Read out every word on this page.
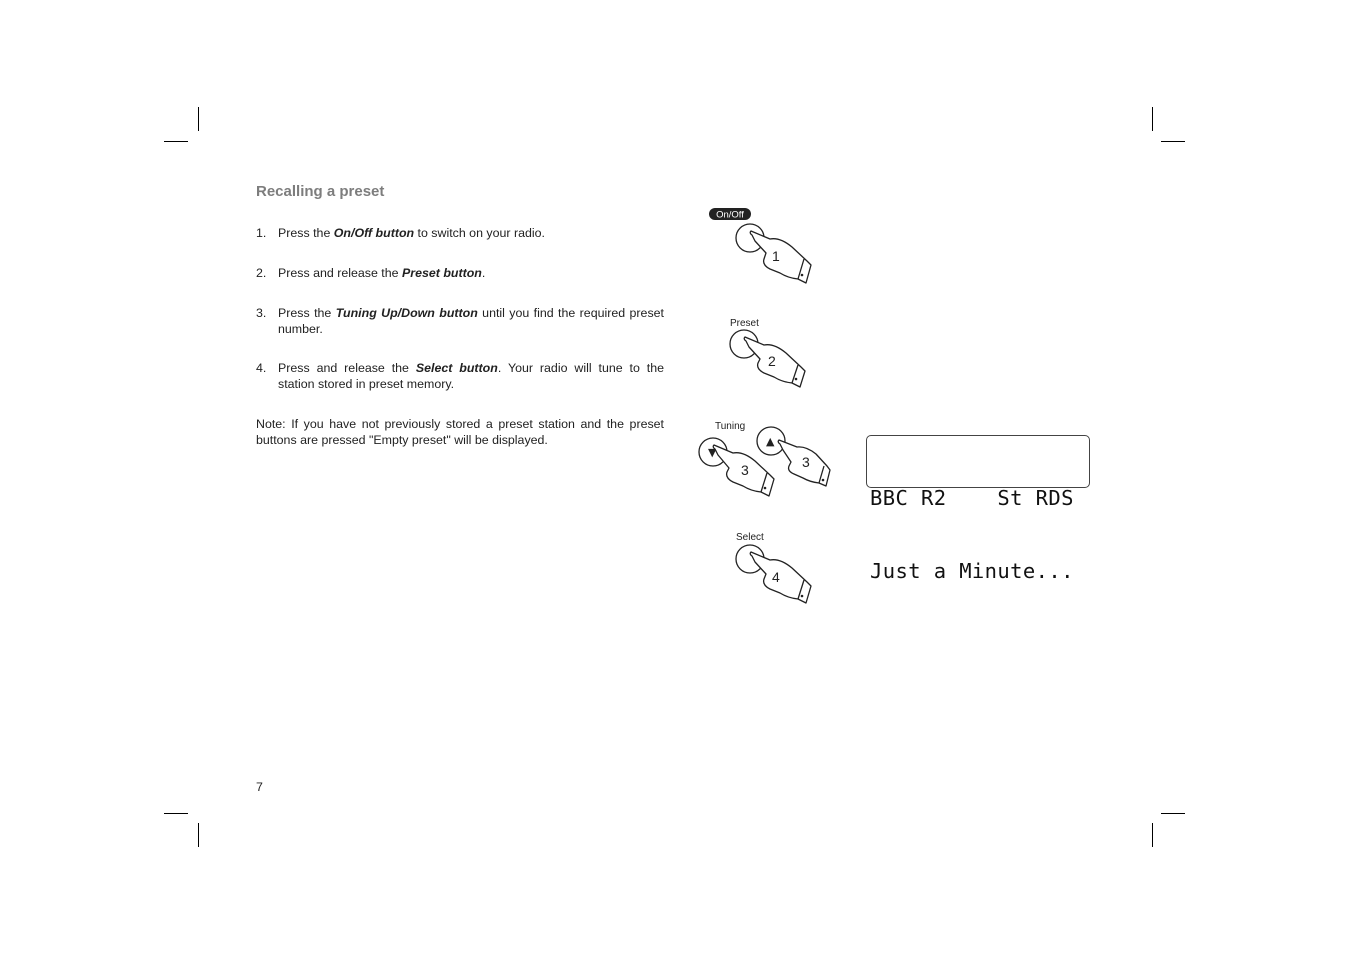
Recalling a preset
1. Press the On/Off button to switch on your radio.
2. Press and release the Preset button.
3. Press the Tuning Up/Down button until you find the required preset number.
4. Press and release the Select button. Your radio will tune to the station stored in preset memory.
Note: If you have not previously stored a preset station and the preset buttons are pressed "Empty preset" will be displayed.
7
On/Off
1
Preset
2
Tuning
▼
3
▲
3
Select
4

BBC R2    St RDS

Just a Minute...
